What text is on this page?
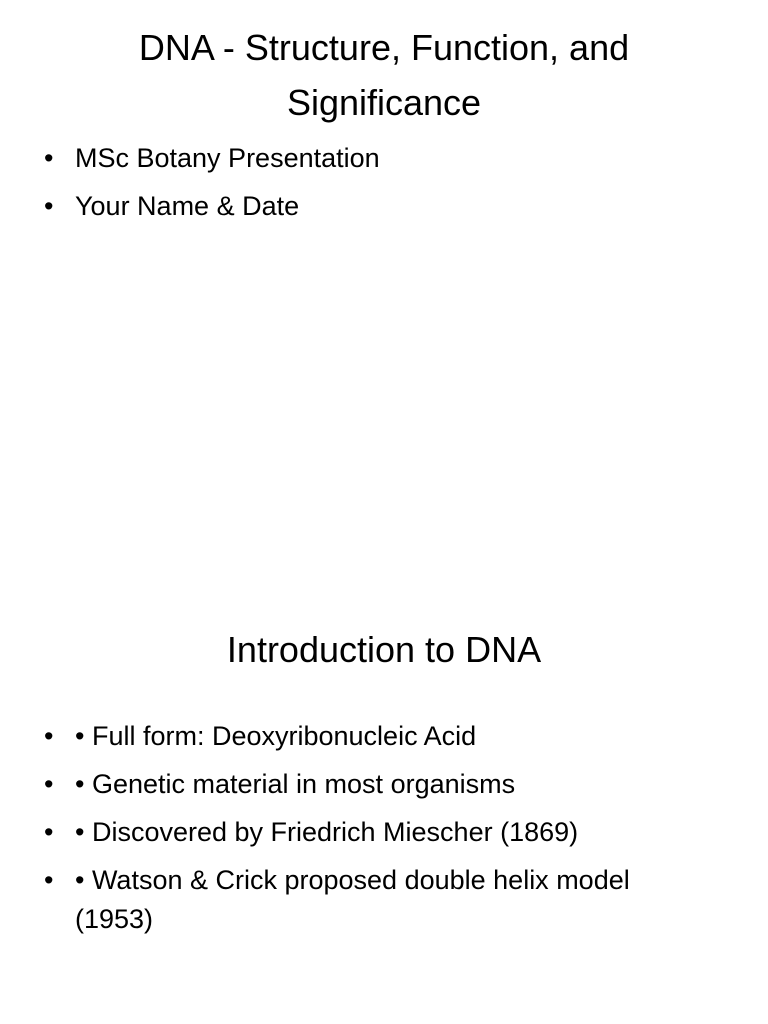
DNA - Structure, Function, and Significance
• MSc Botany Presentation
• Your Name & Date
Introduction to DNA
• • Full form: Deoxyribonucleic Acid
• • Genetic material in most organisms
• • Discovered by Friedrich Miescher (1869)
• • Watson & Crick proposed double helix model (1953)
